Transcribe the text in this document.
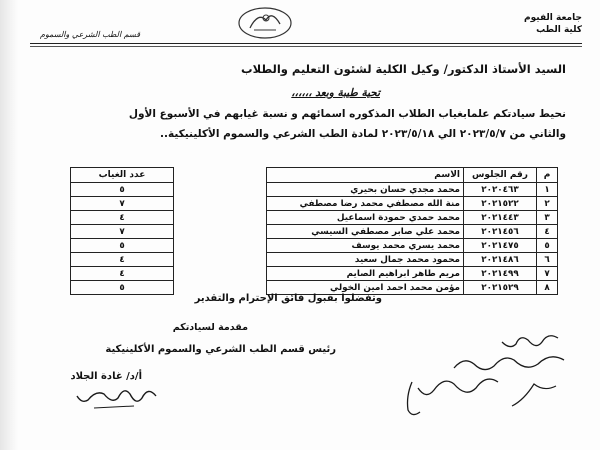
جامعة الفيوم
كلية الطب
قسم الطب الشرعي والسموم
السيد الأستاذ الدكتور/ وكيل الكلية لشئون التعليم والطلاب
تحية طيبة وبعد ،،،،،،
نحيط سيادتكم علمابغياب الطلاب المذكوره اسمائهم و نسبة غيابهم في الأسبوع الأول
والثاني من ٢٠٢٣/٥/٧ الي ٢٠٢٣/٥/١٨ لمادة الطب الشرعي والسموم الأكلينيكية..
م	رقم الجلوس	الاسم		عدد الغياب
١	٢٠٢٠٤٦٣	محمد مجدي حسان بحيري		٥
٢	٢٠٢١٥٢٢	منة الله مصطفي محمد رضا مصطفي		٧
٣	٢٠٢١٤٤٣	محمد حمدي حمودة اسماعيل		٤
٤	٢٠٢١٤٥٦	محمد علي صابر مصطفي السيسي		٧
٥	٢٠٢١٤٧٥	محمد يسري محمد يوسف		٥
٦	٢٠٢١٤٨٦	محمود محمد جمال سعيد		٤
٧	٢٠٢١٤٩٩	مريم طاهر ابراهيم الصايم		٤
٨	٢٠٢١٥٢٩	مؤمن محمد احمد امين الخولي		٥
وتفضلوا بقبول فائق الإحترام والتقدير
مقدمة لسيادتكم
رئيس قسم الطب الشرعي والسموم الأكلينيكية
أ/د/ غادة الجلاد
